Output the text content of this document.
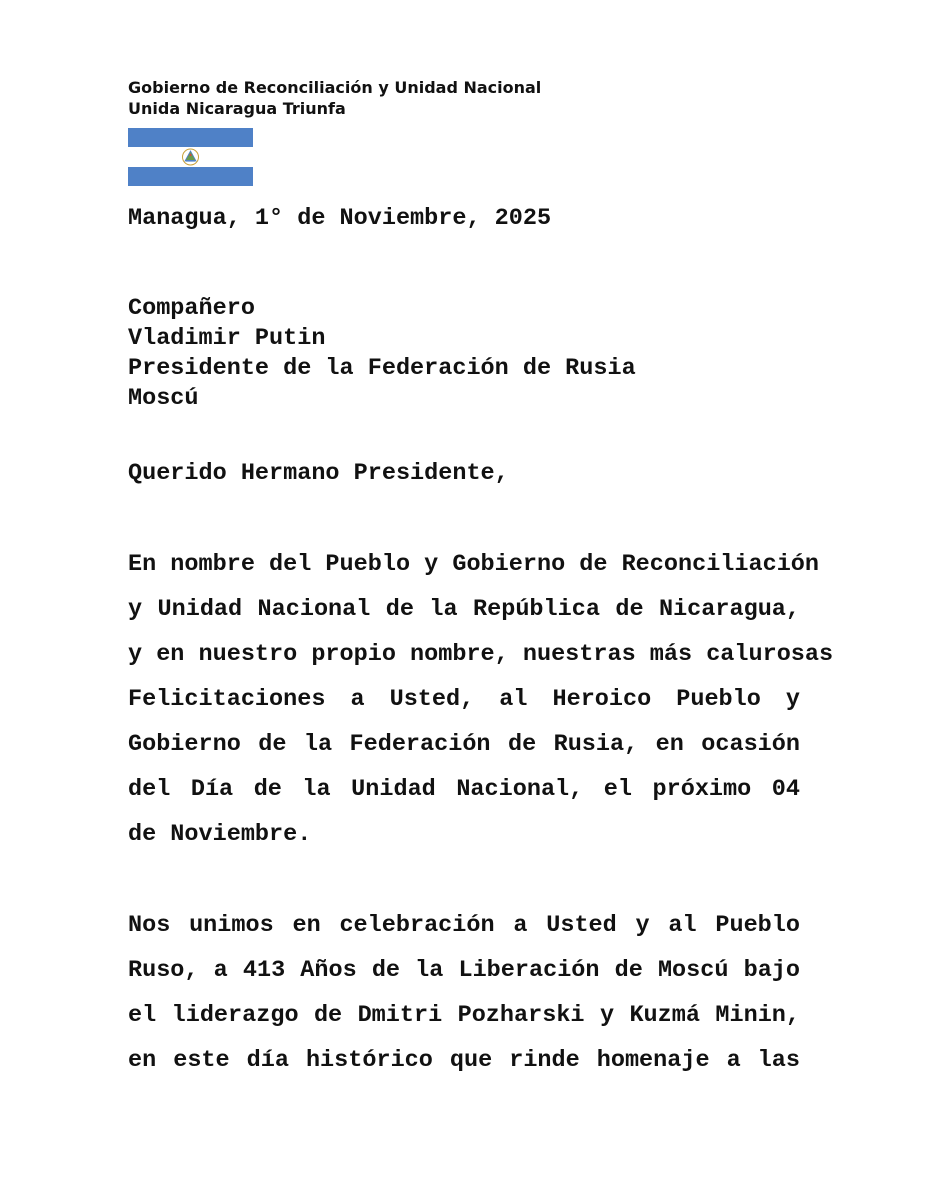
Gobierno de Reconciliación y Unidad Nacional
Unida Nicaragua Triunfa
Managua, 1° de Noviembre, 2025
Compañero
Vladimir Putin
Presidente de la Federación de Rusia
Moscú
Querido Hermano Presidente,
En nombre del Pueblo y Gobierno de Reconciliación
y Unidad Nacional de la República de Nicaragua,
y en nuestro propio nombre, nuestras más calurosas
Felicitaciones a Usted, al Heroico Pueblo y
Gobierno de la Federación de Rusia, en ocasión
del Día de la Unidad Nacional, el próximo 04
de Noviembre.
Nos unimos en celebración a Usted y al Pueblo
Ruso, a 413 Años de la Liberación de Moscú bajo
el liderazgo de Dmitri Pozharski y Kuzmá Minin,
en este día histórico que rinde homenaje a las
